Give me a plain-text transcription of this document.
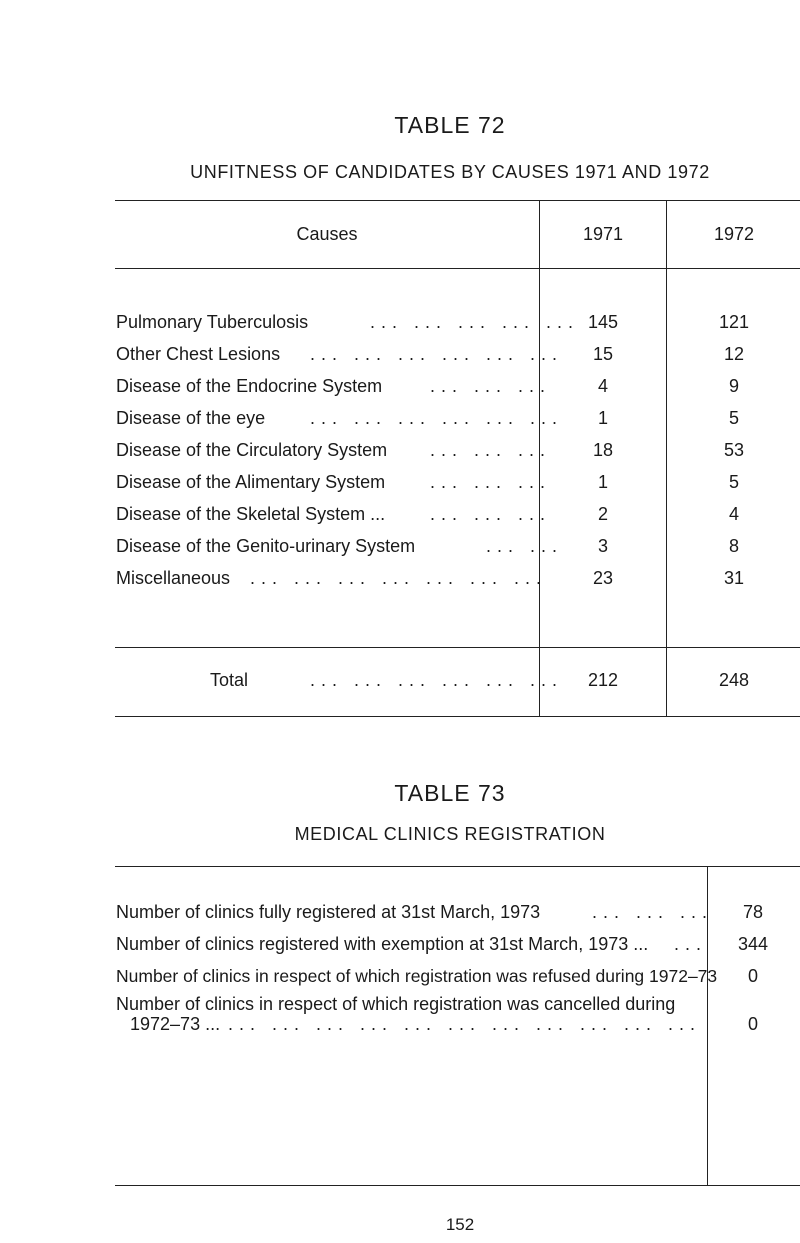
TABLE 72
UNFITNESS OF CANDIDATES BY CAUSES 1971 AND 1972
Causes	1971	1972
Pulmonary Tuberculosis	... ... ... ... ... 145	121
Other Chest Lesions ... ... ... ... ... ...	15	12
Disease of the Endocrine System	... ... ...	4	9
Disease of the eye ... ... ... ... ... ...	1	5
Disease of the Circulatory System ... ... ...	18	53
Disease of the Alimentary System ... ... ...	1	5
Disease of the Skeletal System ... ... ... ...	2	4
Disease of the Genito-urinary System	... ...	3	8
Miscellaneous ... ... ... ... ... ... ...	23	31
Total	... ... ... ... ... ...	212	248
TABLE 73
MEDICAL CLINICS REGISTRATION
Number of clinics fully registered at 31st March, 1973	... ... ...	78
Number of clinics registered with exemption at 31st March, 1973 ... ...	344
Number of clinics in respect of which registration was refused during 1972–73	0
Number of clinics in respect of which registration was cancelled during
1972–73 ... ... ... ... ... ... ... ... ... ... ... ...	0
152
